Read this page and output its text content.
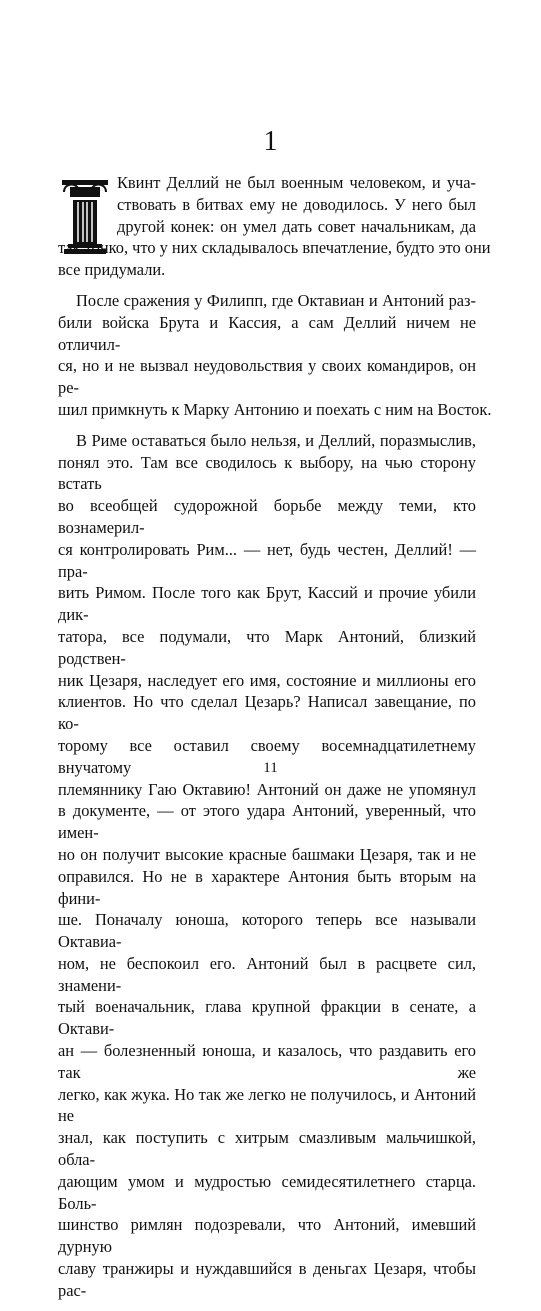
1
Квинт Деллий не был военным человеком, и уча-
ствовать в битвах ему не доводилось. У него был
другой конек: он умел дать совет начальникам, да
так тонко, что у них складывалось впечатление, будто это они
все придумали.
После сражения у Филипп, где Октавиан и Антоний раз-
били войска Брута и Кассия, а сам Деллий ничем не отличил-
ся, но и не вызвал неудовольствия у своих командиров, он ре-
шил примкнуть к Марку Антонию и поехать с ним на Восток.
В Риме оставаться было нельзя, и Деллий, поразмыслив,
понял это. Там все сводилось к выбору, на чью сторону встать
во всеобщей судорожной борьбе между теми, кто вознамерил-
ся контролировать Рим... — нет, будь честен, Деллий! — пра-
вить Римом. После того как Брут, Кассий и прочие убили дик-
татора, все подумали, что Марк Антоний, близкий родствен-
ник Цезаря, наследует его имя, состояние и миллионы его
клиентов. Но что сделал Цезарь? Написал завещание, по ко-
торому все оставил своему восемнадцатилетнему внучатому
племяннику Гаю Октавию! Антоний он даже не упомянул
в документе, — от этого удара Антоний, уверенный, что имен-
но он получит высокие красные башмаки Цезаря, так и не
оправился. Но не в характере Антония быть вторым на фини-
ше. Поначалу юноша, которого теперь все называли Октавиа-
ном, не беспокоил его. Антоний был в расцвете сил, знамени-
тый военачальник, глава крупной фракции в сенате, а Октави-
ан — болезненный юноша, и казалось, что раздавить его так же
легко, как жука. Но так же легко не получилось, и Антоний не
знал, как поступить с хитрым смазливым мальчишкой, обла-
дающим умом и мудростью семидесятилетнего старца. Боль-
шинство римлян подозревали, что Антоний, имевший дурную
славу транжиры и нуждавшийся в деньгах Цезаря, чтобы рас-
11
